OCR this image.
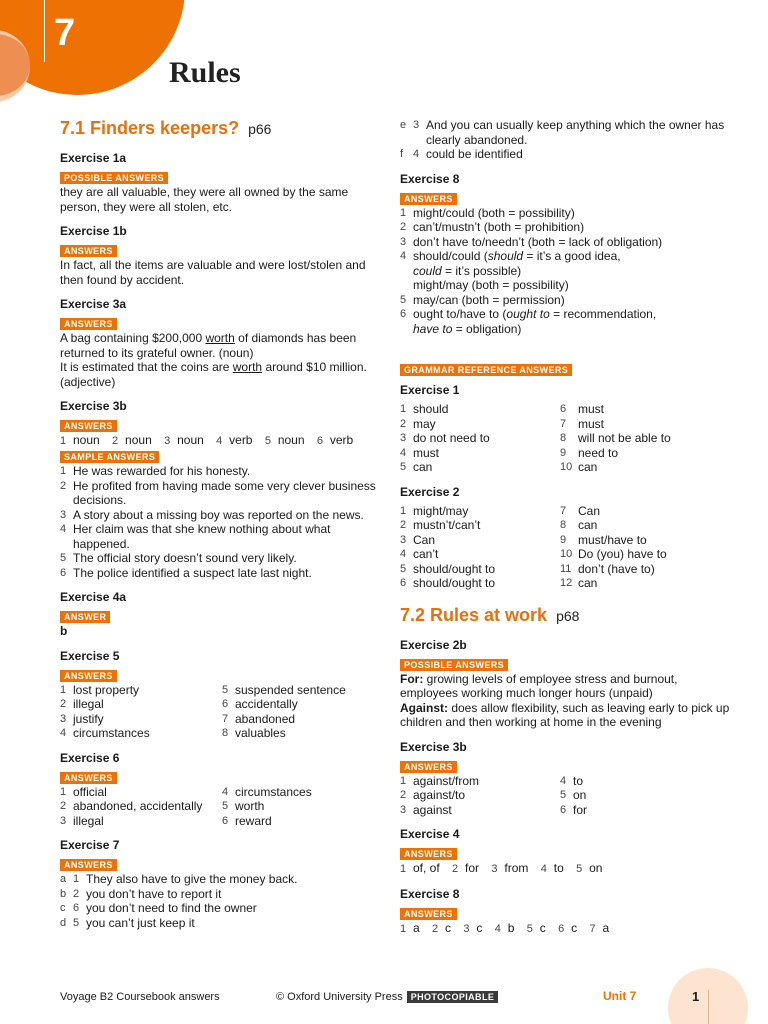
7
Rules
7.1 Finders keepers? p66
Exercise 1a
POSSIBLE ANSWERS
they are all valuable, they were all owned by the same person, they were all stolen, etc.
Exercise 1b
ANSWERS
In fact, all the items are valuable and were lost/stolen and then found by accident.
Exercise 3a
ANSWERS
A bag containing $200,000 worth of diamonds has been returned to its grateful owner. (noun)
It is estimated that the coins are worth around $10 million. (adjective)
Exercise 3b
ANSWERS
1 noun 2 noun 3 noun 4 verb 5 noun 6 verb
SAMPLE ANSWERS
1 He was rewarded for his honesty.
2 He profited from having made some very clever business decisions.
3 A story about a missing boy was reported on the news.
4 Her claim was that she knew nothing about what happened.
5 The official story doesn’t sound very likely.
6 The police identified a suspect late last night.
Exercise 4a
ANSWER
b
Exercise 5
ANSWERS
1 lost property
2 illegal
3 justify
4 circumstances
5 suspended sentence
6 accidentally
7 abandoned
8 valuables
Exercise 6
ANSWERS
1 official
2 abandoned, accidentally
3 illegal
4 circumstances
5 worth
6 reward
Exercise 7
ANSWERS
a 1 They also have to give the money back.
b 2 you don’t have to report it
c 6 you don’t need to find the owner
d 5 you can’t just keep it
e 3 And you can usually keep anything which the owner has clearly abandoned.
f 4 could be identified
Exercise 8
ANSWERS
1 might/could (both = possibility)
2 can’t/mustn’t (both = prohibition)
3 don’t have to/needn’t (both = lack of obligation)
4 should/could (should = it’s a good idea,
could = it’s possible)
might/may (both = possibility)
5 may/can (both = permission)
6 ought to/have to (ought to = recommendation,
have to = obligation)
GRAMMAR REFERENCE ANSWERS
Exercise 1
1 should
2 may
3 do not need to
4 must
5 can
6 must
7 must
8 will not be able to
9 need to
10 can
Exercise 2
1 might/may
2 mustn’t/can’t
3 Can
4 can’t
5 should/ought to
6 should/ought to
7 Can
8 can
9 must/have to
10 Do (you) have to
11 don’t (have to)
12 can
7.2 Rules at work p68
Exercise 2b
POSSIBLE ANSWERS
For: growing levels of employee stress and burnout, employees working much longer hours (unpaid)
Against: does allow flexibility, such as leaving early to pick up children and then working at home in the evening
Exercise 3b
ANSWERS
1 against/from
2 against/to
3 against
4 to
5 on
6 for
Exercise 4
ANSWERS
1 of, of 2 for 3 from 4 to 5 on
Exercise 8
ANSWERS
1 a 2 c 3 c 4 b 5 c 6 c 7 a
Voyage B2 Coursebook answers	© Oxford University Press PHOTOCOPIABLE	Unit 7	1
